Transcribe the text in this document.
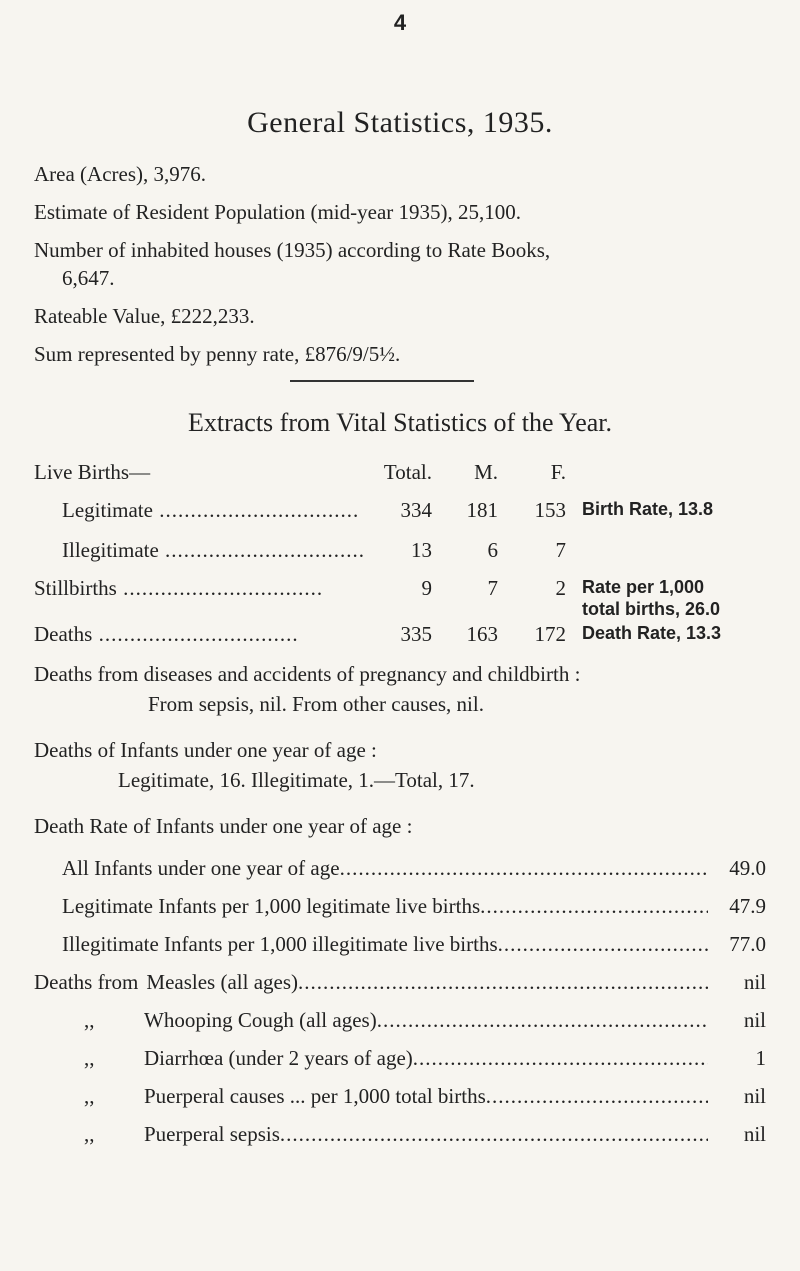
4
General Statistics, 1935.
Area (Acres), 3,976.
Estimate of Resident Population (mid-year 1935), 25,100.
Number of inhabited houses (1935) according to Rate Books,
6,647.
Rateable Value, £222,233.
Sum represented by penny rate, £876/9/5½.
Extracts from Vital Statistics of the Year.
Live Births—	Total.	M.	F.
Legitimate .....	334	181	153 Birth Rate, 13.8
Illegitimate .....	13	6	7
Stillbirths .....	9	7	2 Rate per 1,000
total births, 26.0
Deaths .....	335	163	172 Death Rate, 13.3
Deaths from diseases and accidents of pregnancy and childbirth :
From sepsis, nil. From other causes, nil.
Deaths of Infants under one year of age :
Legitimate, 16. Illegitimate, 1.—Total, 17.
Death Rate of Infants under one year of age :
All Infants under one year of age .....	49.0
Legitimate Infants per 1,000 legitimate live births .....	47.9
Illegitimate Infants per 1,000 illegitimate live births .....	77.0
Deaths from Measles (all ages) .....	nil
,,	Whooping Cough (all ages) .....	nil
,,	Diarrhœa (under 2 years of age) .....	1
,,	Puerperal causes ... per 1,000 total births .....	nil
,,	Puerperal sepsis .....	nil
